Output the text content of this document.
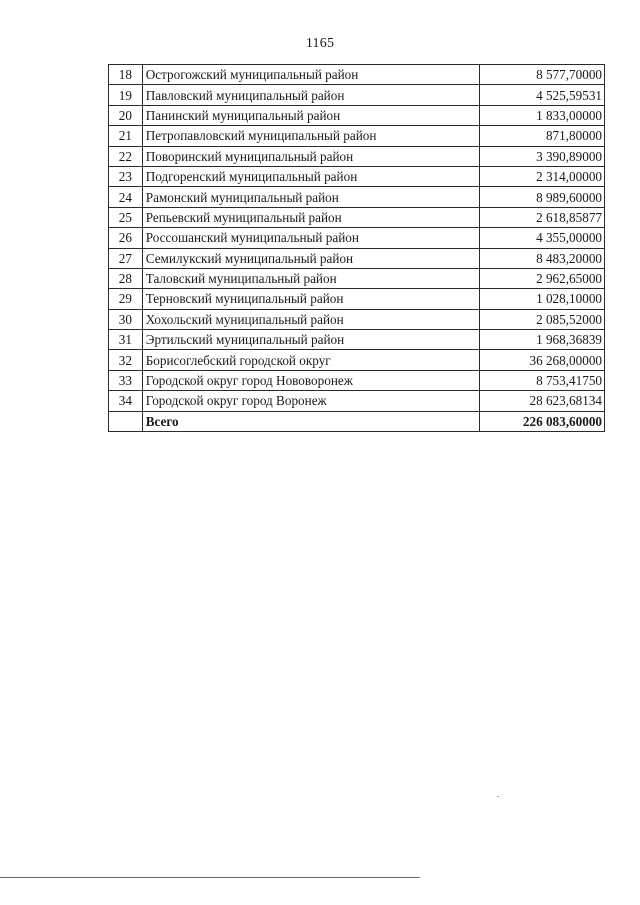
1165
18	Острогожский муниципальный район	8 577,70000
19	Павловский муниципальный район	4 525,59531
20	Панинский муниципальный район	1 833,00000
21	Петропавловский муниципальный район	871,80000
22	Поворинский муниципальный район	3 390,89000
23	Подгоренский муниципальный район	2 314,00000
24	Рамонский муниципальный район	8 989,60000
25	Репьевский муниципальный район	2 618,85877
26	Россошанский муниципальный район	4 355,00000
27	Семилукский муниципальный район	8 483,20000
28	Таловский муниципальный район	2 962,65000
29	Терновский муниципальный район	1 028,10000
30	Хохольский муниципальный район	2 085,52000
31	Эртильский муниципальный район	1 968,36839
32	Борисоглебский городской округ	36 268,00000
33	Городской округ город Нововоронеж	8 753,41750
34	Городской округ город Воронеж	28 623,68134
	Всего	226 083,60000
